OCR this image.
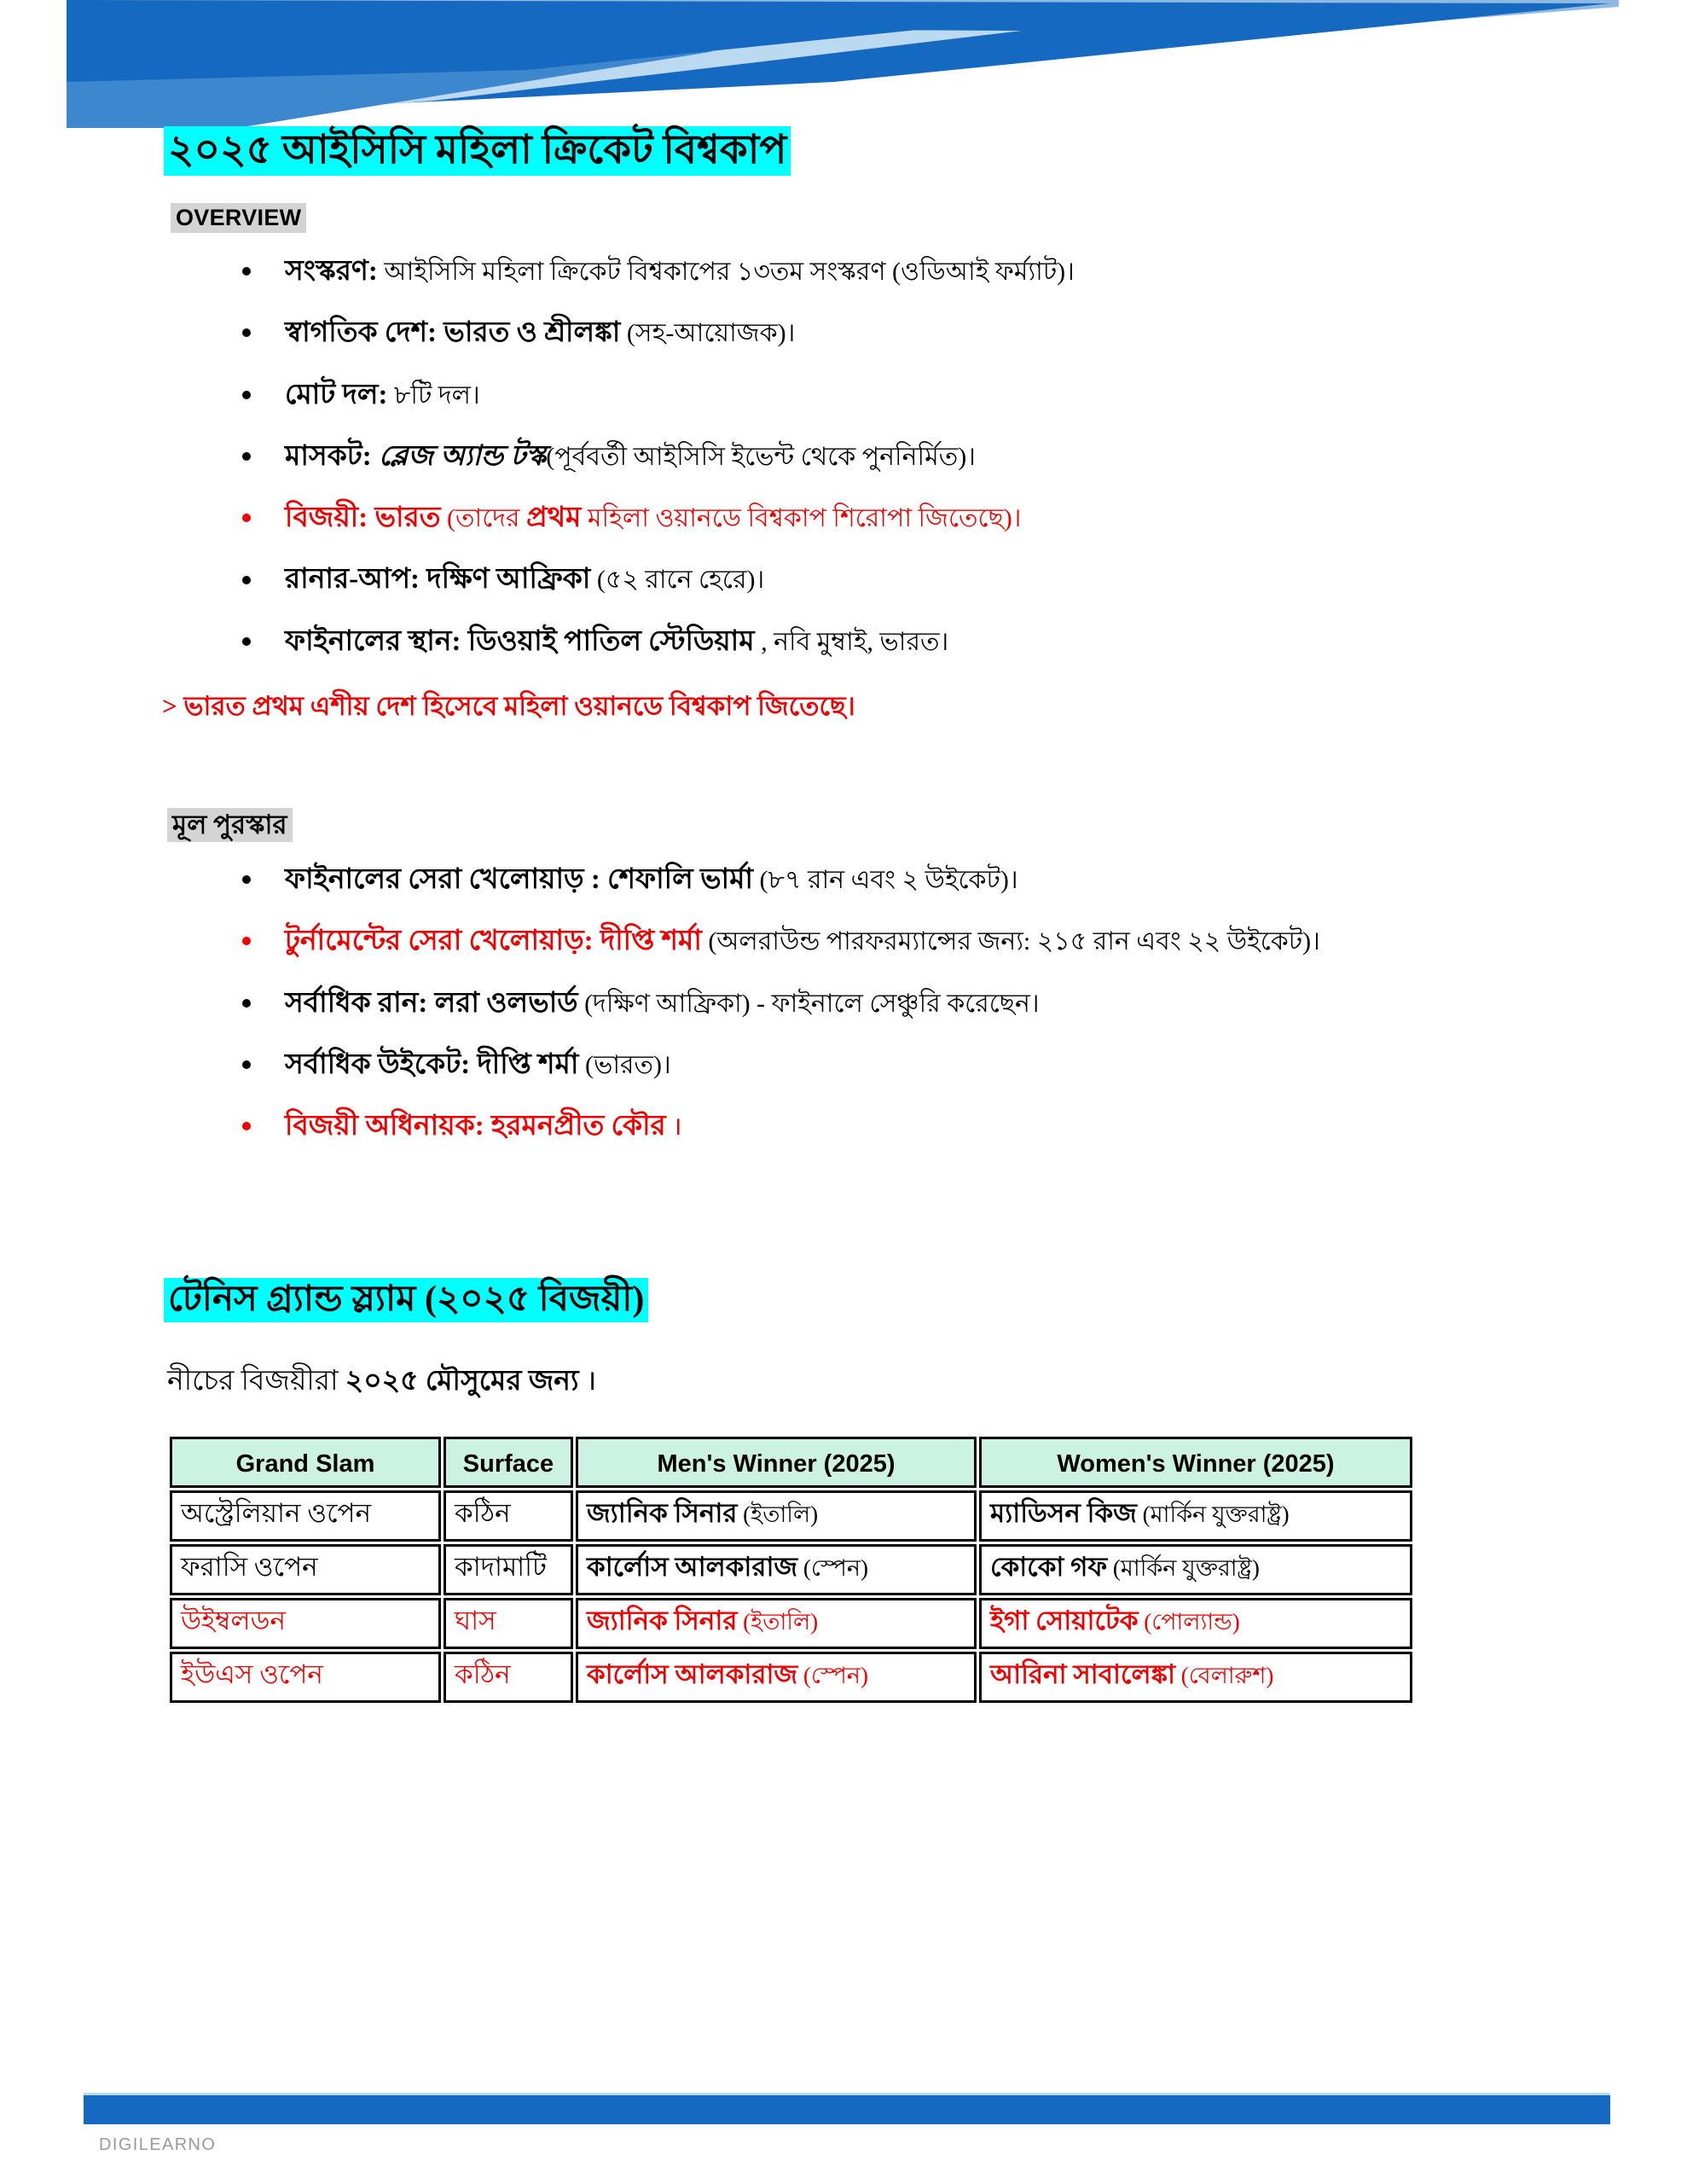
২০২৫ আইসিসি মহিলা ক্রিকেট বিশ্বকাপ
OVERVIEW
সংস্করণ: আইসিসি মহিলা ক্রিকেট বিশ্বকাপের ১৩তম সংস্করণ (ওডিআই ফর্ম্যাট)।
স্বাগতিক দেশ: ভারত ও শ্রীলঙ্কা (সহ-আয়োজক)।
মোট দল: ৮টি দল।
মাসকট: ব্লেজ অ্যান্ড টস্ক(পূর্ববর্তী আইসিসি ইভেন্ট থেকে পুননির্মিত)।
বিজয়ী: ভারত (তাদের প্রথম মহিলা ওয়ানডে বিশ্বকাপ শিরোপা জিতেছে)।
রানার-আপ: দক্ষিণ আফ্রিকা (৫২ রানে হেরে)।
ফাইনালের স্থান: ডিওয়াই পাতিল স্টেডিয়াম , নবি মুম্বাই, ভারত।
> ভারত প্রথম এশীয় দেশ হিসেবে মহিলা ওয়ানডে বিশ্বকাপ জিতেছে।
মূল পুরস্কার
ফাইনালের সেরা খেলোয়াড় : শেফালি ভার্মা (৮৭ রান এবং ২ উইকেট)।
টুর্নামেন্টের সেরা খেলোয়াড়: দীপ্তি শর্মা (অলরাউন্ড পারফরম্যান্সের জন্য: ২১৫ রান এবং ২২ উইকেট)।
সর্বাধিক রান: লরা ওলভার্ড (দক্ষিণ আফ্রিকা) - ফাইনালে সেঞ্চুরি করেছেন।
সর্বাধিক উইকেট: দীপ্তি শর্মা (ভারত)।
বিজয়ী অধিনায়ক: হরমনপ্রীত কৌর ।
টেনিস গ্র্যান্ড স্ল্যাম (২০২৫ বিজয়ী)
নীচের বিজয়ীরা ২০২৫ মৌসুমের জন্য ।
Grand Slam	Surface	Men's Winner (2025)	Women's Winner (2025)
অস্ট্রেলিয়ান ওপেন	কঠিন	জ্যানিক সিনার (ইতালি)	ম্যাডিসন কিজ (মার্কিন যুক্তরাষ্ট্র)
ফরাসি ওপেন	কাদামাটি	কার্লোস আলকারাজ (স্পেন)	কোকো গফ (মার্কিন যুক্তরাষ্ট্র)
উইম্বলডন	ঘাস	জ্যানিক সিনার (ইতালি)	ইগা সোয়াটেক (পোল্যান্ড)
ইউএস ওপেন	কঠিন	কার্লোস আলকারাজ (স্পেন)	আরিনা সাবালেঙ্কা (বেলারুশ)
DIGILEARNO
